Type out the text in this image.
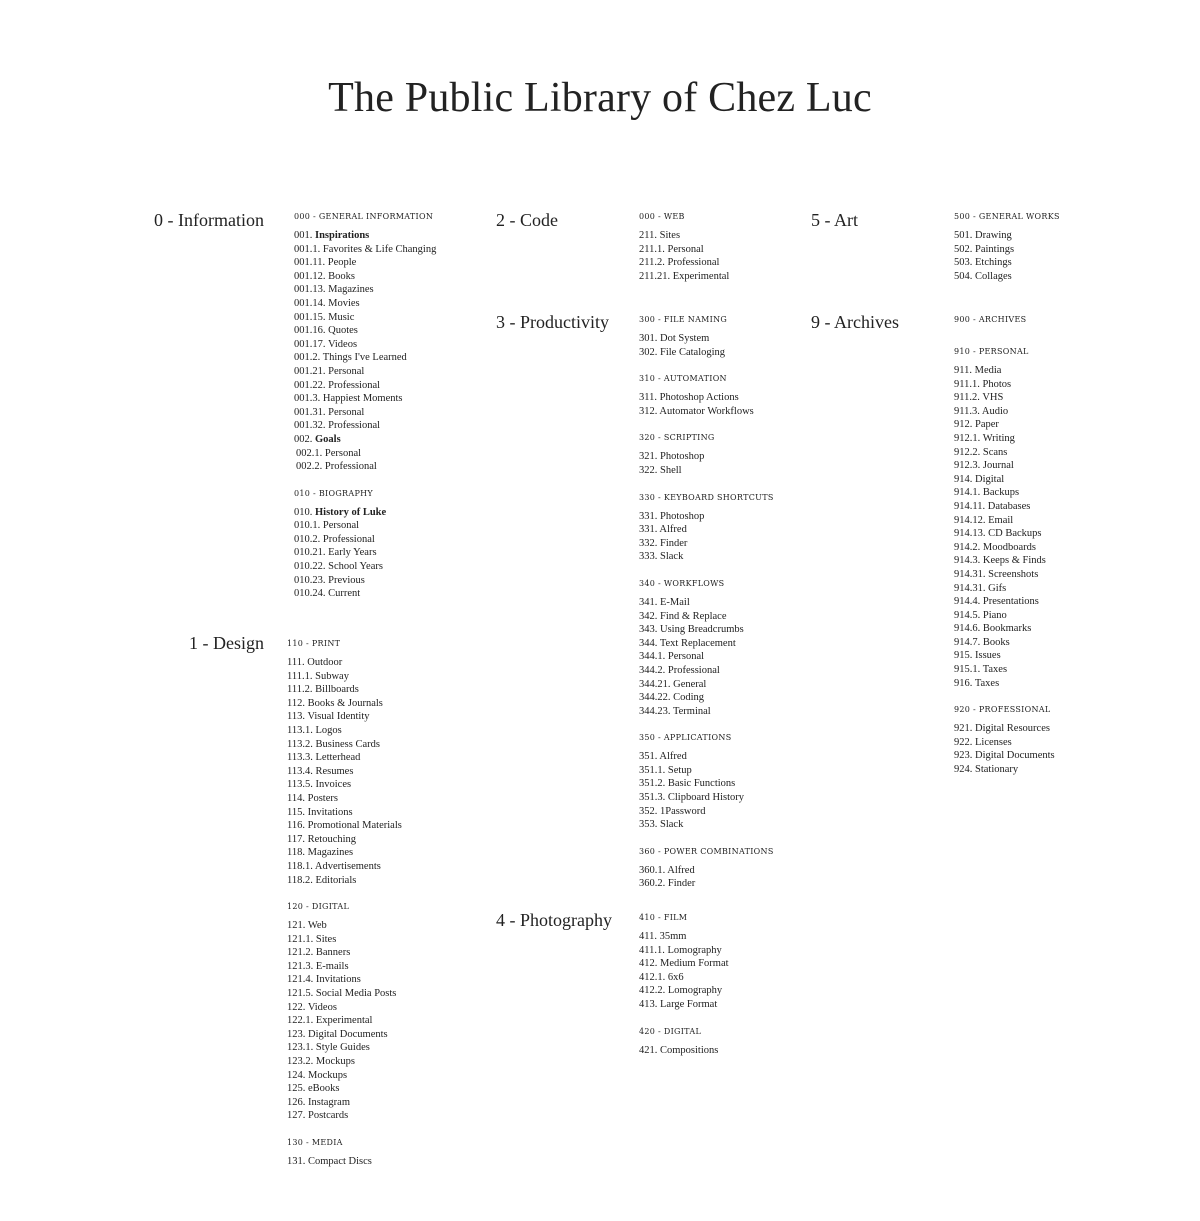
The Public Library of Chez Luc
0 - Information
1 - Design
2 - Code
3 - Productivity
4 - Photography
5 - Art
9 - Archives
000 - GENERAL INFORMATION
001. Inspirations
001.1. Favorites & Life Changing
001.11. People
001.12. Books
001.13. Magazines
001.14. Movies
001.15. Music
001.16. Quotes
001.17. Videos
001.2. Things I've Learned
001.21. Personal
001.22. Professional
001.3. Happiest Moments
001.31. Personal
001.32. Professional
002. Goals
002.1. Personal
002.2. Professional
010 - BIOGRAPHY
010. History of Luke
010.1. Personal
010.2. Professional
010.21. Early Years
010.22. School Years
010.23. Previous
010.24. Current
110 - PRINT
111. Outdoor
111.1. Subway
111.2. Billboards
112. Books & Journals
113. Visual Identity
113.1. Logos
113.2. Business Cards
113.3. Letterhead
113.4. Resumes
113.5. Invoices
114. Posters
115. Invitations
116. Promotional Materials
117. Retouching
118. Magazines
118.1. Advertisements
118.2. Editorials
120 - DIGITAL
121. Web
121.1. Sites
121.2. Banners
121.3. E-mails
121.4. Invitations
121.5. Social Media Posts
122. Videos
122.1. Experimental
123. Digital Documents
123.1. Style Guides
123.2. Mockups
124. Mockups
125. eBooks
126. Instagram
127. Postcards
130 - MEDIA
131. Compact Discs
000 - WEB
211. Sites
211.1. Personal
211.2. Professional
211.21. Experimental
300 - FILE NAMING
301. Dot System
302. File Cataloging
310 - AUTOMATION
311. Photoshop Actions
312. Automator Workflows
320 - SCRIPTING
321. Photoshop
322. Shell
330 - KEYBOARD SHORTCUTS
331. Photoshop
331. Alfred
332. Finder
333. Slack
340 - WORKFLOWS
341. E-Mail
342. Find & Replace
343. Using Breadcrumbs
344. Text Replacement
344.1. Personal
344.2. Professional
344.21. General
344.22. Coding
344.23. Terminal
350 - APPLICATIONS
351. Alfred
351.1. Setup
351.2. Basic Functions
351.3. Clipboard History
352. 1Password
353. Slack
360 - POWER COMBINATIONS
360.1. Alfred
360.2. Finder
410 - FILM
411. 35mm
411.1. Lomography
412. Medium Format
412.1. 6x6
412.2. Lomography
413. Large Format
420 - DIGITAL
421. Compositions
500 - GENERAL WORKS
501. Drawing
502. Paintings
503. Etchings
504. Collages
900 - ARCHIVES
910 - PERSONAL
911. Media
911.1. Photos
911.2. VHS
911.3. Audio
912. Paper
912.1. Writing
912.2. Scans
912.3. Journal
914. Digital
914.1. Backups
914.11. Databases
914.12. Email
914.13. CD Backups
914.2. Moodboards
914.3. Keeps & Finds
914.31. Screenshots
914.31. Gifs
914.4. Presentations
914.5. Piano
914.6. Bookmarks
914.7. Books
915. Issues
915.1. Taxes
916. Taxes
920 - PROFESSIONAL
921. Digital Resources
922. Licenses
923. Digital Documents
924. Stationary
